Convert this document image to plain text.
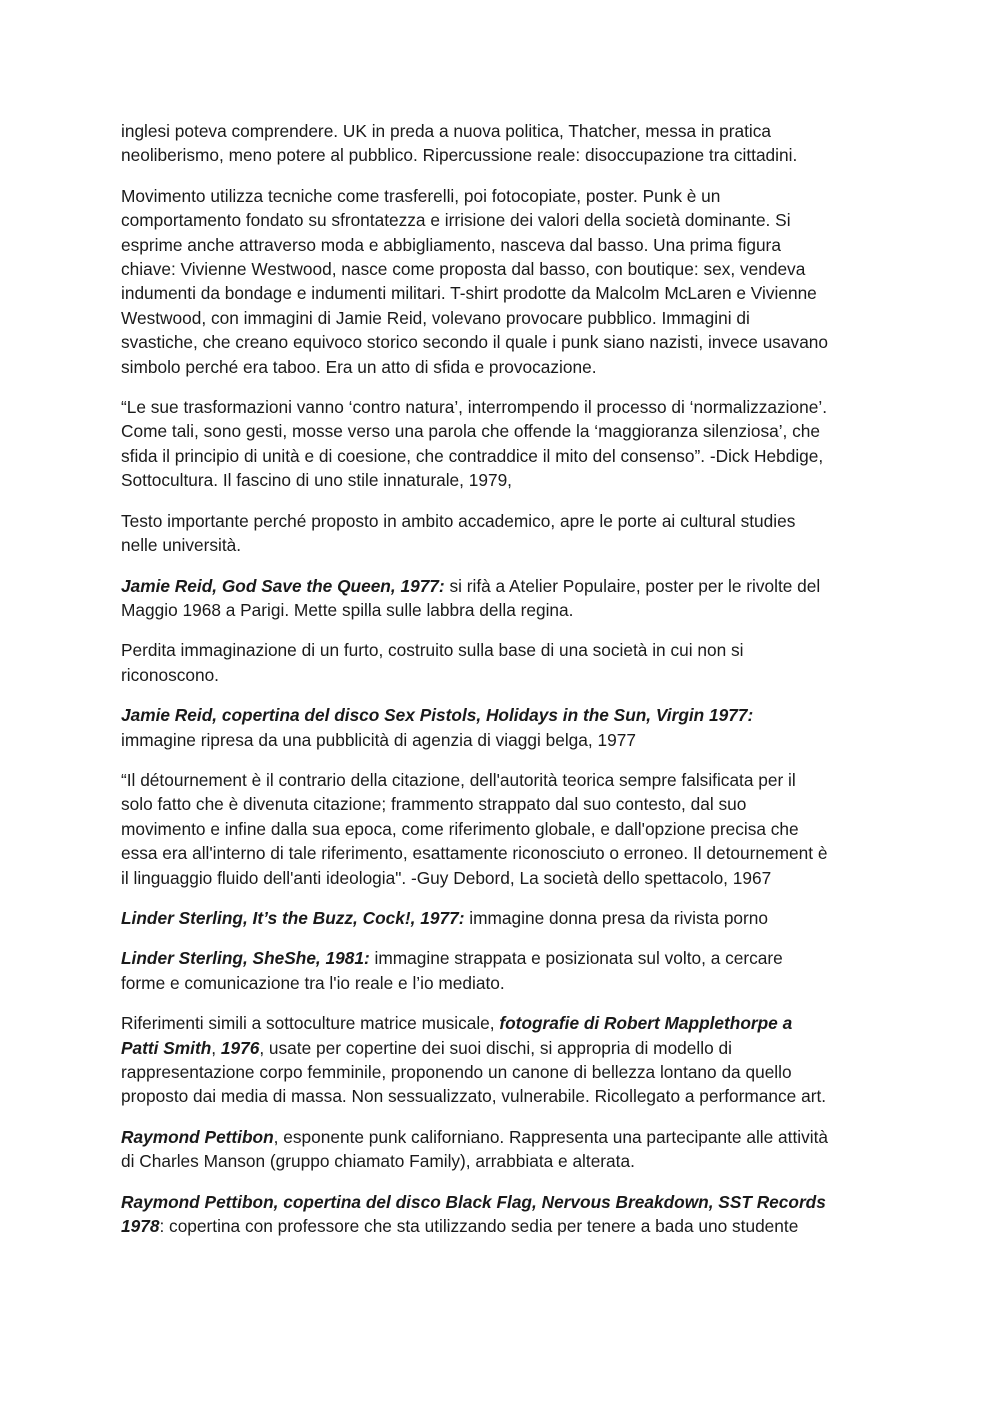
inglesi poteva comprendere. UK in preda a nuova politica, Thatcher, messa in pratica
neoliberismo, meno potere al pubblico. Ripercussione reale: disoccupazione tra cittadini.

Movimento utilizza tecniche come trasferelli, poi fotocopiate, poster. Punk è un
comportamento fondato su sfrontatezza e irrisione dei valori della società dominante. Si
esprime anche attraverso moda e abbigliamento, nasceva dal basso. Una prima figura
chiave: Vivienne Westwood, nasce come proposta dal basso, con boutique: sex, vendeva
indumenti da bondage e indumenti militari. T-shirt prodotte da Malcolm McLaren e Vivienne
Westwood, con immagini di Jamie Reid, volevano provocare pubblico. Immagini di
svastiche, che creano equivoco storico secondo il quale i punk siano nazisti, invece usavano
simbolo perché era taboo. Era un atto di sfida e provocazione.

“Le sue trasformazioni vanno ‘contro natura’, interrompendo il processo di ‘normalizzazione’.
Come tali, sono gesti, mosse verso una parola che offende la ‘maggioranza silenziosa’, che
sfida il principio di unità e di coesione, che contraddice il mito del consenso”. -Dick Hebdige,
Sottocultura. Il fascino di uno stile innaturale, 1979,

Testo importante perché proposto in ambito accademico, apre le porte ai cultural studies
nelle università.

Jamie Reid, God Save the Queen, 1977: si rifà a Atelier Populaire, poster per le rivolte del
Maggio 1968 a Parigi. Mette spilla sulle labbra della regina.

Perdita immaginazione di un furto, costruito sulla base di una società in cui non si
riconoscono.

Jamie Reid, copertina del disco Sex Pistols, Holidays in the Sun, Virgin 1977:
immagine ripresa da una pubblicità di agenzia di viaggi belga, 1977

“Il détournement è il contrario della citazione, dell'autorità teorica sempre falsificata per il
solo fatto che è divenuta citazione; frammento strappato dal suo contesto, dal suo
movimento e infine dalla sua epoca, come riferimento globale, e dall'opzione precisa che
essa era all'interno di tale riferimento, esattamente riconosciuto o erroneo. Il detournement è
il linguaggio fluido dell'anti ideologia". -Guy Debord, La società dello spettacolo, 1967

Linder Sterling, It’s the Buzz, Cock!, 1977: immagine donna presa da rivista porno

Linder Sterling, SheShe, 1981: immagine strappata e posizionata sul volto, a cercare
forme e comunicazione tra l'io reale e l’io mediato.

Riferimenti simili a sottoculture matrice musicale, fotografie di Robert Mapplethorpe a
Patti Smith, 1976, usate per copertine dei suoi dischi, si appropria di modello di
rappresentazione corpo femminile, proponendo un canone di bellezza lontano da quello
proposto dai media di massa. Non sessualizzato, vulnerabile. Ricollegato a performance art.

Raymond Pettibon, esponente punk californiano. Rappresenta una partecipante alle attività
di Charles Manson (gruppo chiamato Family), arrabbiata e alterata.

Raymond Pettibon, copertina del disco Black Flag, Nervous Breakdown, SST Records
1978: copertina con professore che sta utilizzando sedia per tenere a bada uno studente
